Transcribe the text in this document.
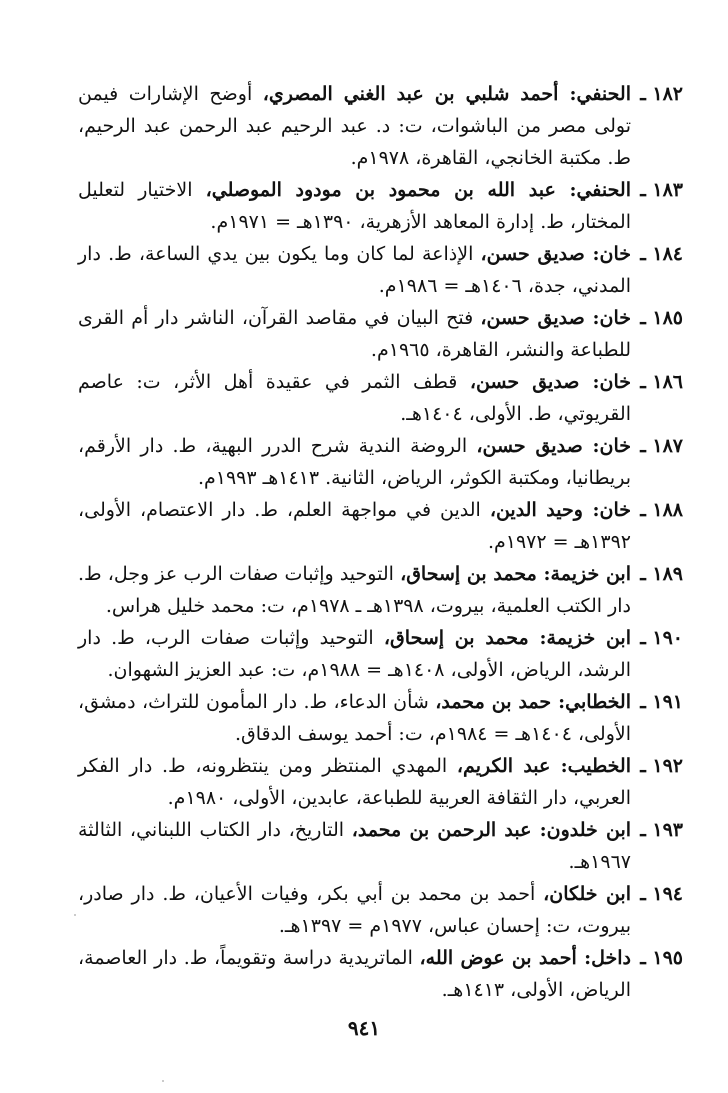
١٨٢ ـ
الحنفي: أحمد شلبي بن عبد الغني المصري، أوضح الإشارات فيمن تولى مصر من الباشوات، ت: د. عبد الرحيم عبد الرحمن عبد الرحيم، ط. مكتبة الخانجي، القاهرة، ١٩٧٨م.
١٨٣ ـ
الحنفي: عبد الله بن محمود بن مودود الموصلي، الاختيار لتعليل المختار، ط. إدارة المعاهد الأزهرية، ١٣٩٠هـ = ١٩٧١م.
١٨٤ ـ
خان: صديق حسن، الإذاعة لما كان وما يكون بين يدي الساعة، ط. دار المدني، جدة، ١٤٠٦هـ = ١٩٨٦م.
١٨٥ ـ
خان: صديق حسن، فتح البيان في مقاصد القرآن، الناشر دار أم القرى للطباعة والنشر، القاهرة، ١٩٦٥م.
١٨٦ ـ
خان: صديق حسن، قطف الثمر في عقيدة أهل الأثر، ت: عاصم القريوتي، ط. الأولى، ١٤٠٤هـ.
١٨٧ ـ
خان: صديق حسن، الروضة الندية شرح الدرر البهية، ط. دار الأرقم، بريطانيا، ومكتبة الكوثر، الرياض، الثانية. ١٤١٣هـ ١٩٩٣م.
١٨٨ ـ
خان: وحيد الدين، الدين في مواجهة العلم، ط. دار الاعتصام، الأولى، ١٣٩٢هـ = ١٩٧٢م.
١٨٩ ـ
ابن خزيمة: محمد بن إسحاق، التوحيد وإثبات صفات الرب عز وجل، ط. دار الكتب العلمية، بيروت، ١٣٩٨هـ ـ ١٩٧٨م، ت: محمد خليل هراس.
١٩٠ ـ
ابن خزيمة: محمد بن إسحاق، التوحيد وإثبات صفات الرب، ط. دار الرشد، الرياض، الأولى، ١٤٠٨هـ = ١٩٨٨م، ت: عبد العزيز الشهوان.
١٩١ ـ
الخطابي: حمد بن محمد، شأن الدعاء، ط. دار المأمون للتراث، دمشق، الأولى، ١٤٠٤هـ = ١٩٨٤م، ت: أحمد يوسف الدقاق.
١٩٢ ـ
الخطيب: عبد الكريم، المهدي المنتظر ومن ينتظرونه، ط. دار الفكر العربي، دار الثقافة العربية للطباعة، عابدين، الأولى، ١٩٨٠م.
١٩٣ ـ
ابن خلدون: عبد الرحمن بن محمد، التاريخ، دار الكتاب اللبناني، الثالثة ١٩٦٧هـ.
١٩٤ ـ
ابن خلكان، أحمد بن محمد بن أبي بكر، وفيات الأعيان، ط. دار صادر، بيروت، ت: إحسان عباس، ١٩٧٧م = ١٣٩٧هـ.
١٩٥ ـ
داخل: أحمد بن عوض الله، الماتريدية دراسة وتقويماً، ط. دار العاصمة، الرياض، الأولى، ١٤١٣هـ.
٩٤١
